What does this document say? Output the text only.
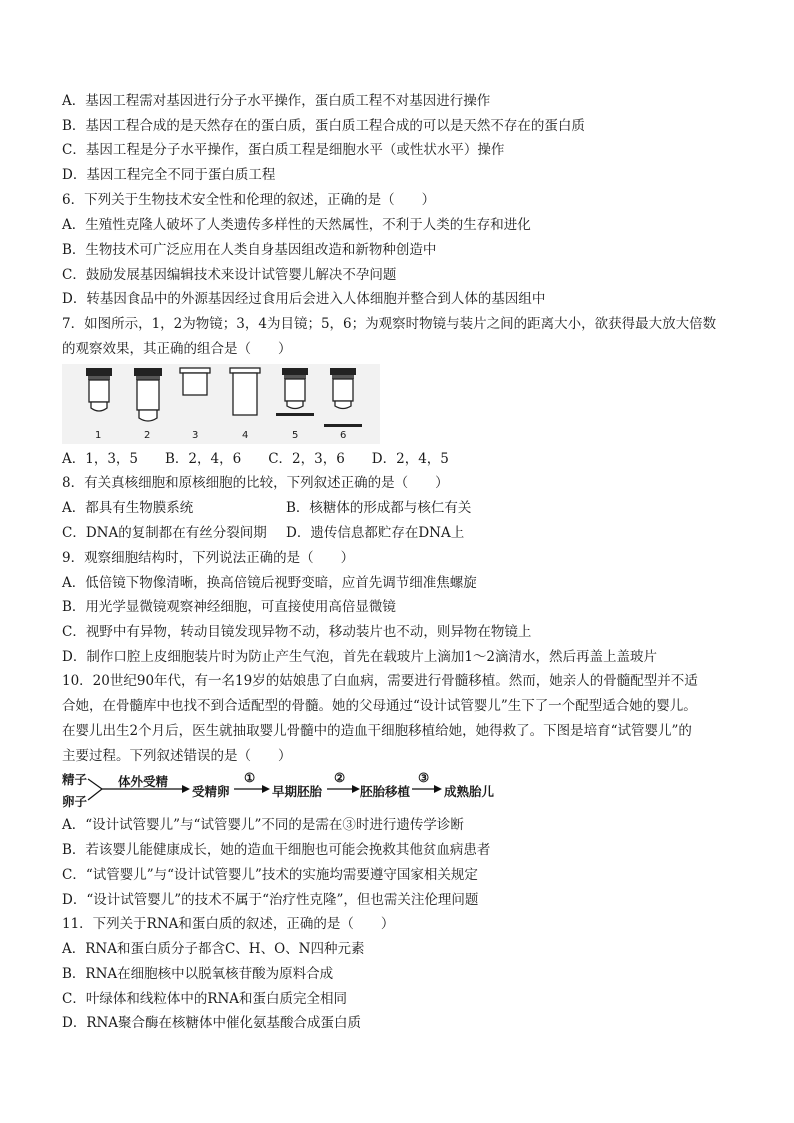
A．基因工程需对基因进行分子水平操作，蛋白质工程不对基因进行操作
B．基因工程合成的是天然存在的蛋白质，蛋白质工程合成的可以是天然不存在的蛋白质
C．基因工程是分子水平操作，蛋白质工程是细胞水平（或性状水平）操作
D．基因工程完全不同于蛋白质工程
6．下列关于生物技术安全性和伦理的叙述，正确的是（　　）
A．生殖性克隆人破坏了人类遗传多样性的天然属性，不利于人类的生存和进化
B．生物技术可广泛应用在人类自身基因组改造和新物种创造中
C．鼓励发展基因编辑技术来设计试管婴儿解决不孕问题
D．转基因食品中的外源基因经过食用后会进入人体细胞并整合到人体的基因组中
7．如图所示，1，2为物镜；3，4为目镜；5，6；为观察时物镜与装片之间的距离大小，欲获得最大放大倍数
的观察效果，其正确的组合是（　　）
1	2	3	4	5	6
A．1，3，5　　B．2，4，6　　C．2，3，6　　D．2，4，5
8．有关真核细胞和原核细胞的比较，下列叙述正确的是（　　）
A．都具有生物膜系统	B．核糖体的形成都与核仁有关
C．DNA的复制都在有丝分裂间期 D．遗传信息都贮存在DNA上
9．观察细胞结构时，下列说法正确的是（　　）
A．低倍镜下物像清晰，换高倍镜后视野变暗，应首先调节细准焦螺旋
B．用光学显微镜观察神经细胞，可直接使用高倍显微镜
C．视野中有异物，转动目镜发现异物不动，移动装片也不动，则异物在物镜上
D．制作口腔上皮细胞装片时为防止产生气泡，首先在载玻片上滴加1～2滴清水，然后再盖上盖玻片
10．20世纪90年代，有一名19岁的姑娘患了白血病，需要进行骨髓移植。然而，她亲人的骨髓配型并不适
合她，在骨髓库中也找不到合适配型的骨髓。她的父母通过“设计试管婴儿”生下了一个配型适合她的婴儿。
在婴儿出生2个月后，医生就抽取婴儿骨髓中的造血干细胞移植给她，她得救了。下图是培育“试管婴儿”的
主要过程。下列叙述错误的是（　　）
精子
卵子
体外受精
受精卵
①
早期胚胎
②
胚胎移植
③
成熟胎儿
A．“设计试管婴儿”与“试管婴儿”不同的是需在③时进行遗传学诊断
B．若该婴儿能健康成长，她的造血干细胞也可能会挽救其他贫血病患者
C．“试管婴儿”与“设计试管婴儿”技术的实施均需要遵守国家相关规定
D．“设计试管婴儿”的技术不属于“治疗性克隆”，但也需关注伦理问题
11．下列关于RNA和蛋白质的叙述，正确的是（　　）
A．RNA和蛋白质分子都含C、H、O、N四种元素
B．RNA在细胞核中以脱氧核苷酸为原料合成
C．叶绿体和线粒体中的RNA和蛋白质完全相同
D．RNA聚合酶在核糖体中催化氨基酸合成蛋白质
